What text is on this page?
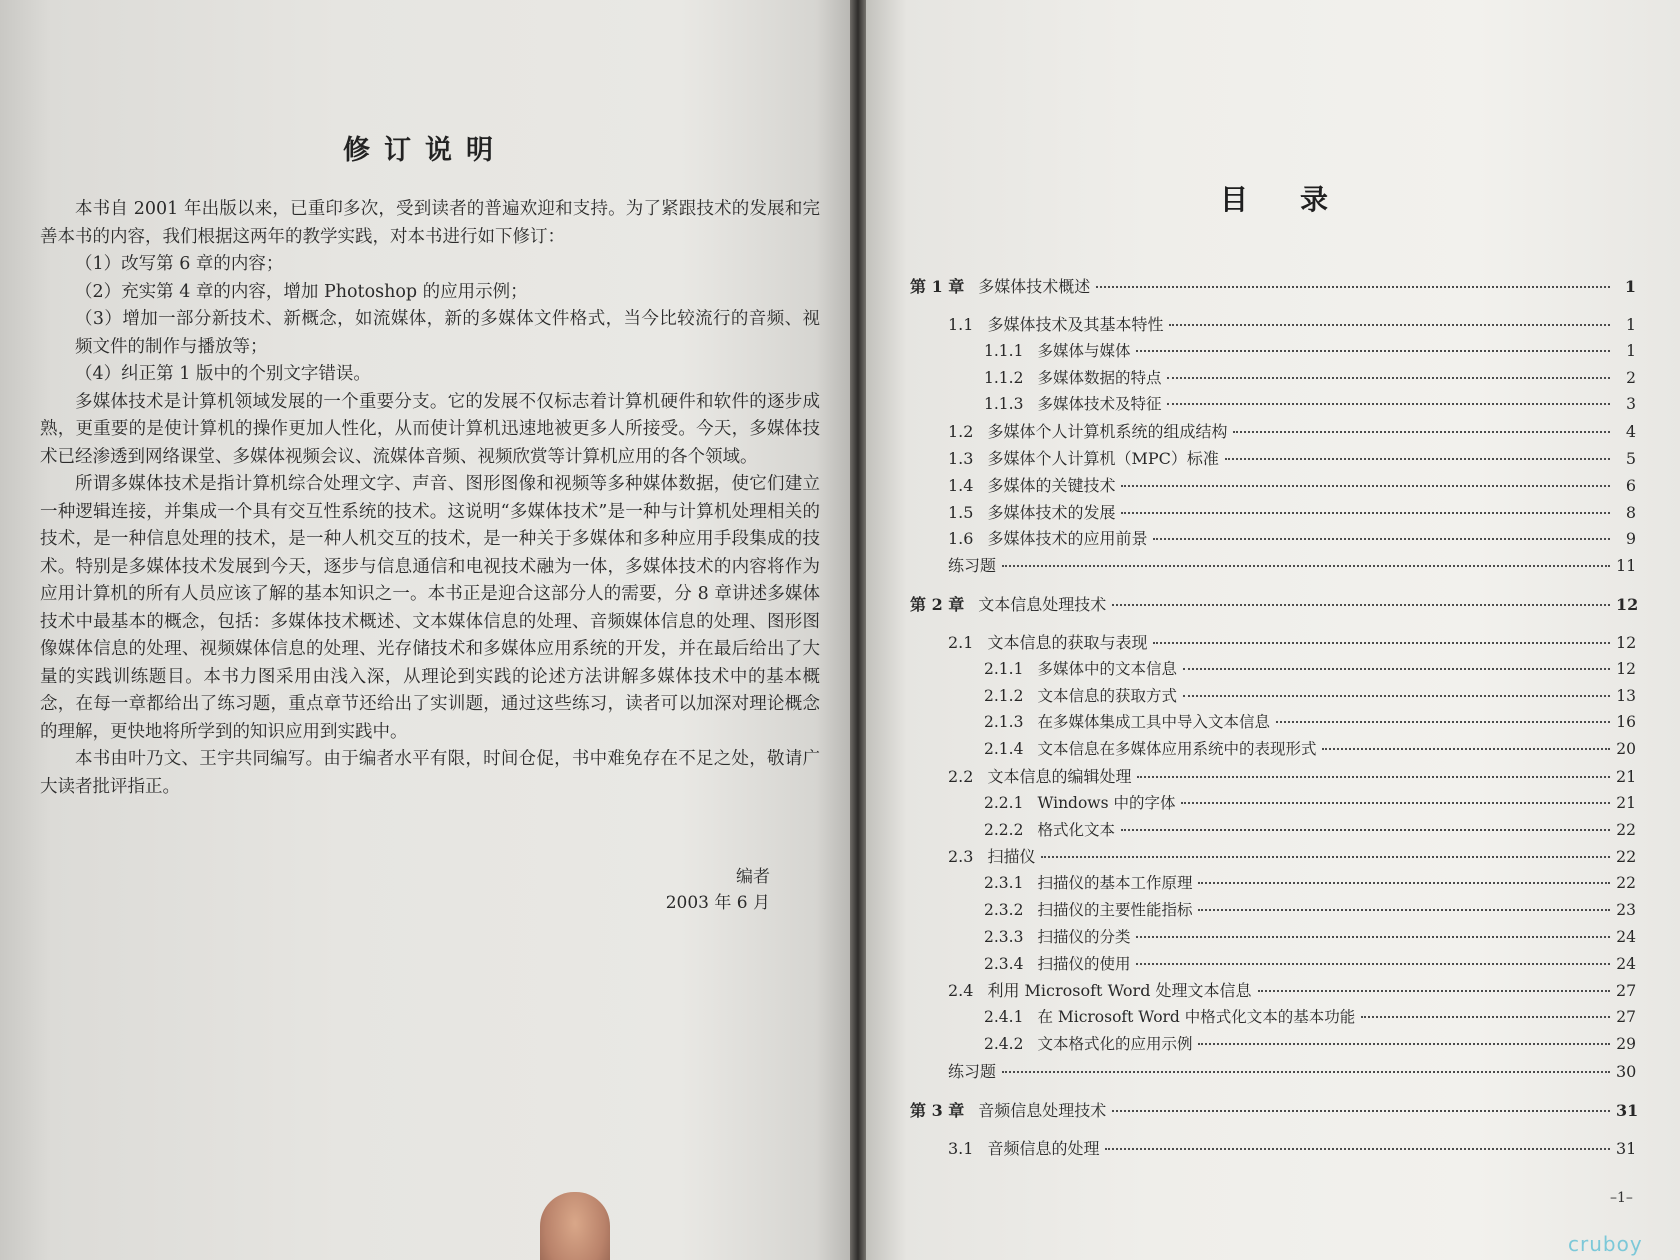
修订说明

本书自 2001 年出版以来，已重印多次，受到读者的普遍欢迎和支持。为了紧跟技术的发展和完善本书的内容，我们根据这两年的教学实践，对本书进行如下修订：

（1）改写第 6 章的内容；

（2）充实第 4 章的内容，增加 Photoshop 的应用示例；

（3）增加一部分新技术、新概念，如流媒体，新的多媒体文件格式，当今比较流行的音频、视频文件的制作与播放等；

（4）纠正第 1 版中的个别文字错误。

多媒体技术是计算机领域发展的一个重要分支。它的发展不仅标志着计算机硬件和软件的逐步成熟，更重要的是使计算机的操作更加人性化，从而使计算机迅速地被更多人所接受。今天，多媒体技术已经渗透到网络课堂、多媒体视频会议、流媒体音频、视频欣赏等计算机应用的各个领域。

所谓多媒体技术是指计算机综合处理文字、声音、图形图像和视频等多种媒体数据，使它们建立一种逻辑连接，并集成一个具有交互性系统的技术。这说明“多媒体技术”是一种与计算机处理相关的技术，是一种信息处理的技术，是一种人机交互的技术，是一种关于多媒体和多种应用手段集成的技术。特别是多媒体技术发展到今天，逐步与信息通信和电视技术融为一体，多媒体技术的内容将作为应用计算机的所有人员应该了解的基本知识之一。本书正是迎合这部分人的需要，分 8 章讲述多媒体技术中最基本的概念，包括：多媒体技术概述、文本媒体信息的处理、音频媒体信息的处理、图形图像媒体信息的处理、视频媒体信息的处理、光存储技术和多媒体应用系统的开发，并在最后给出了大量的实践训练题目。本书力图采用由浅入深，从理论到实践的论述方法讲解多媒体技术中的基本概念，在每一章都给出了练习题，重点章节还给出了实训题，通过这些练习，读者可以加深对理论概念的理解，更快地将所学到的知识应用到实践中。

本书由叶乃文、王宇共同编写。由于编者水平有限，时间仓促，书中难免存在不足之处，敬请广大读者批评指正。

编者
2003 年 6 月
目录
第 1 章 多媒体技术概述	1
1.1 多媒体技术及其基本特性	1
1.1.1 多媒体与媒体	1
1.1.2 多媒体数据的特点	2
1.1.3 多媒体技术及特征	3
1.2 多媒体个人计算机系统的组成结构	4
1.3 多媒体个人计算机（MPC）标准	5
1.4 多媒体的关键技术	6
1.5 多媒体技术的发展	8
1.6 多媒体技术的应用前景	9
练习题	11
第 2 章 文本信息处理技术	12
2.1 文本信息的获取与表现	12
2.1.1 多媒体中的文本信息	12
2.1.2 文本信息的获取方式	13
2.1.3 在多媒体集成工具中导入文本信息	16
2.1.4 文本信息在多媒体应用系统中的表现形式	20
2.2 文本信息的编辑处理	21
2.2.1 Windows 中的字体	21
2.2.2 格式化文本	22
2.3 扫描仪	22
2.3.1 扫描仪的基本工作原理	22
2.3.2 扫描仪的主要性能指标	23
2.3.3 扫描仪的分类	24
2.3.4 扫描仪的使用	24
2.4 利用 Microsoft Word 处理文本信息	27
2.4.1 在 Microsoft Word 中格式化文本的基本功能	27
2.4.2 文本格式化的应用示例	29
练习题	30
第 3 章 音频信息处理技术	31
3.1 音频信息的处理	31
–1–
cruboy
